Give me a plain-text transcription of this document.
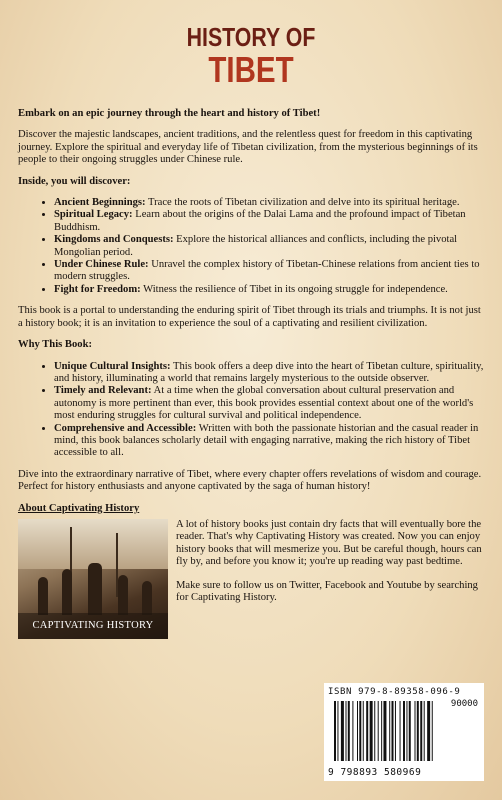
HISTORY OF
TIBET

Embark on an epic journey through the heart and history of Tibet!

Discover the majestic landscapes, ancient traditions, and the relentless quest for freedom in this captivating journey. Explore the spiritual and everyday life of Tibetan civilization, from the mysterious beginnings of its people to their ongoing struggles under Chinese rule.

Inside, you will discover:

• Ancient Beginnings: Trace the roots of Tibetan civilization and delve into its spiritual heritage.
• Spiritual Legacy: Learn about the origins of the Dalai Lama and the profound impact of Tibetan Buddhism.
• Kingdoms and Conquests: Explore the historical alliances and conflicts, including the pivotal Mongolian period.
• Under Chinese Rule: Unravel the complex history of Tibetan-Chinese relations from ancient ties to modern struggles.
• Fight for Freedom: Witness the resilience of Tibet in its ongoing struggle for independence.

This book is a portal to understanding the enduring spirit of Tibet through its trials and triumphs. It is not just a history book; it is an invitation to experience the soul of a captivating and resilient civilization.

Why This Book:

• Unique Cultural Insights: This book offers a deep dive into the heart of Tibetan culture, spirituality, and history, illuminating a world that remains largely mysterious to the outside observer.
• Timely and Relevant: At a time when the global conversation about cultural preservation and autonomy is more pertinent than ever, this book provides essential context about one of the world's most enduring struggles for cultural survival and political independence.
• Comprehensive and Accessible: Written with both the passionate historian and the casual reader in mind, this book balances scholarly detail with engaging narrative, making the rich history of Tibet accessible to all.

Dive into the extraordinary narrative of Tibet, where every chapter offers revelations of wisdom and courage. Perfect for history enthusiasts and anyone captivated by the saga of human history!

About Captivating History
CAPTIVATING HISTORY

A lot of history books just contain dry facts that will eventually bore the reader. That's why Captivating History was created. Now you can enjoy history books that will mesmerize you. But be careful though, hours can fly by, and before you know it; you're up reading way past bedtime.

Make sure to follow us on Twitter, Facebook and Youtube by searching for Captivating History.

ISBN 979-8-89358-096-9
90000
9 798893 580969
